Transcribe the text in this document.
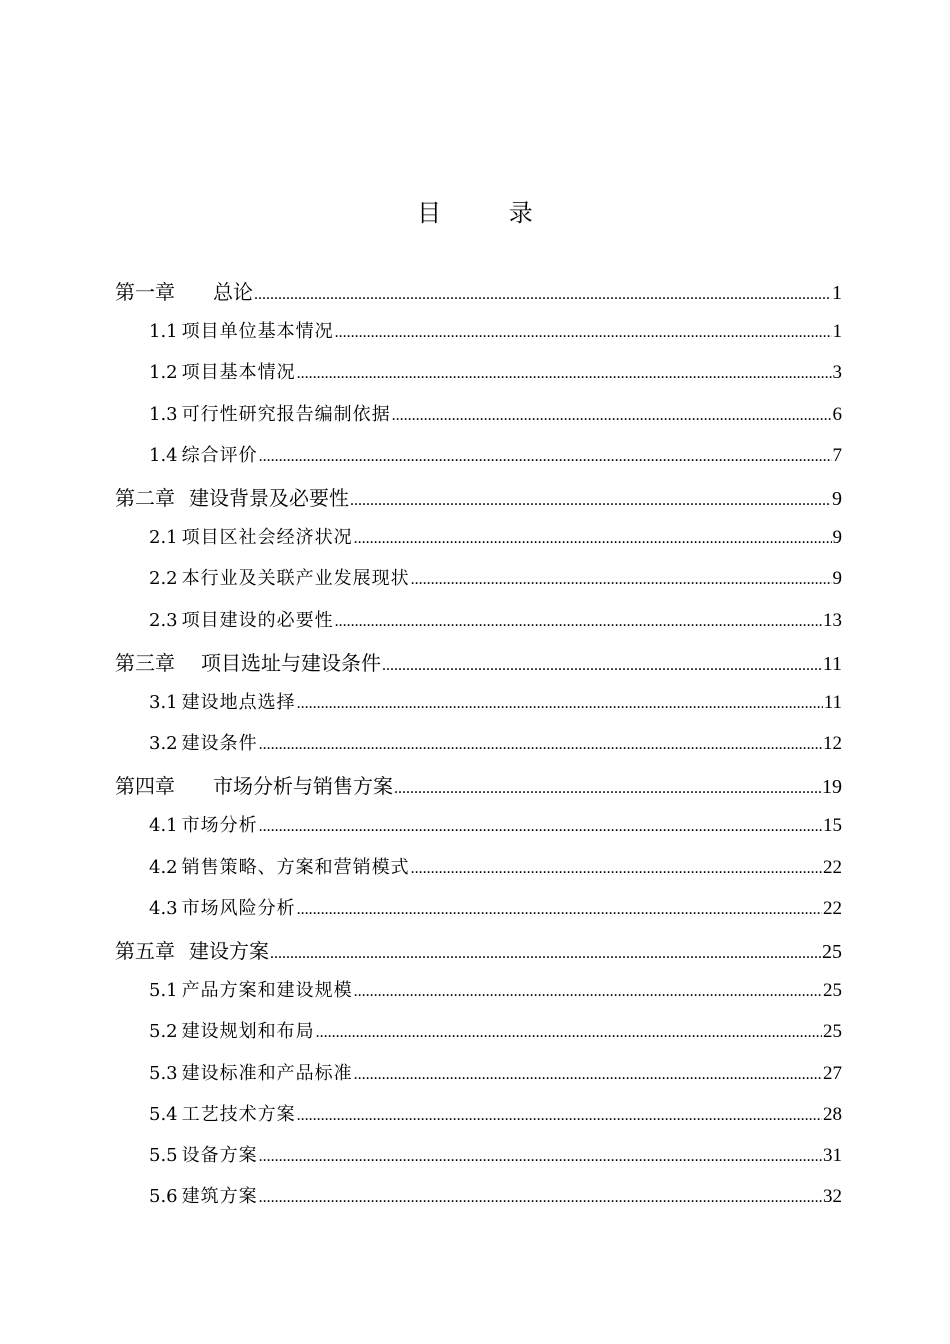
目 录
第一章 总论 .....	1
1.1 项目单位基本情况 .....	1
1.2 项目基本情况 .....	3
1.3 可行性研究报告编制依据 .....	6
1.4 综合评价 .....	7
第二章 建设背景及必要性 .....	9
2.1 项目区社会经济状况 .....	9
2.2 本行业及关联产业发展现状 .....	9
2.3 项目建设的必要性 .....	13
第三章 项目选址与建设条件 .....	11
3.1 建设地点选择 .....	11
3.2 建设条件 .....	12
第四章 市场分析与销售方案 .....	19
4.1 市场分析 .....	15
4.2 销售策略、方案和营销模式 .....	22
4.3 市场风险分析 .....	22
第五章 建设方案 .....	25
5.1 产品方案和建设规模 .....	25
5.2 建设规划和布局 .....	25
5.3 建设标准和产品标准 .....	27
5.4 工艺技术方案 .....	28
5.5 设备方案 .....	31
5.6 建筑方案 .....	32
